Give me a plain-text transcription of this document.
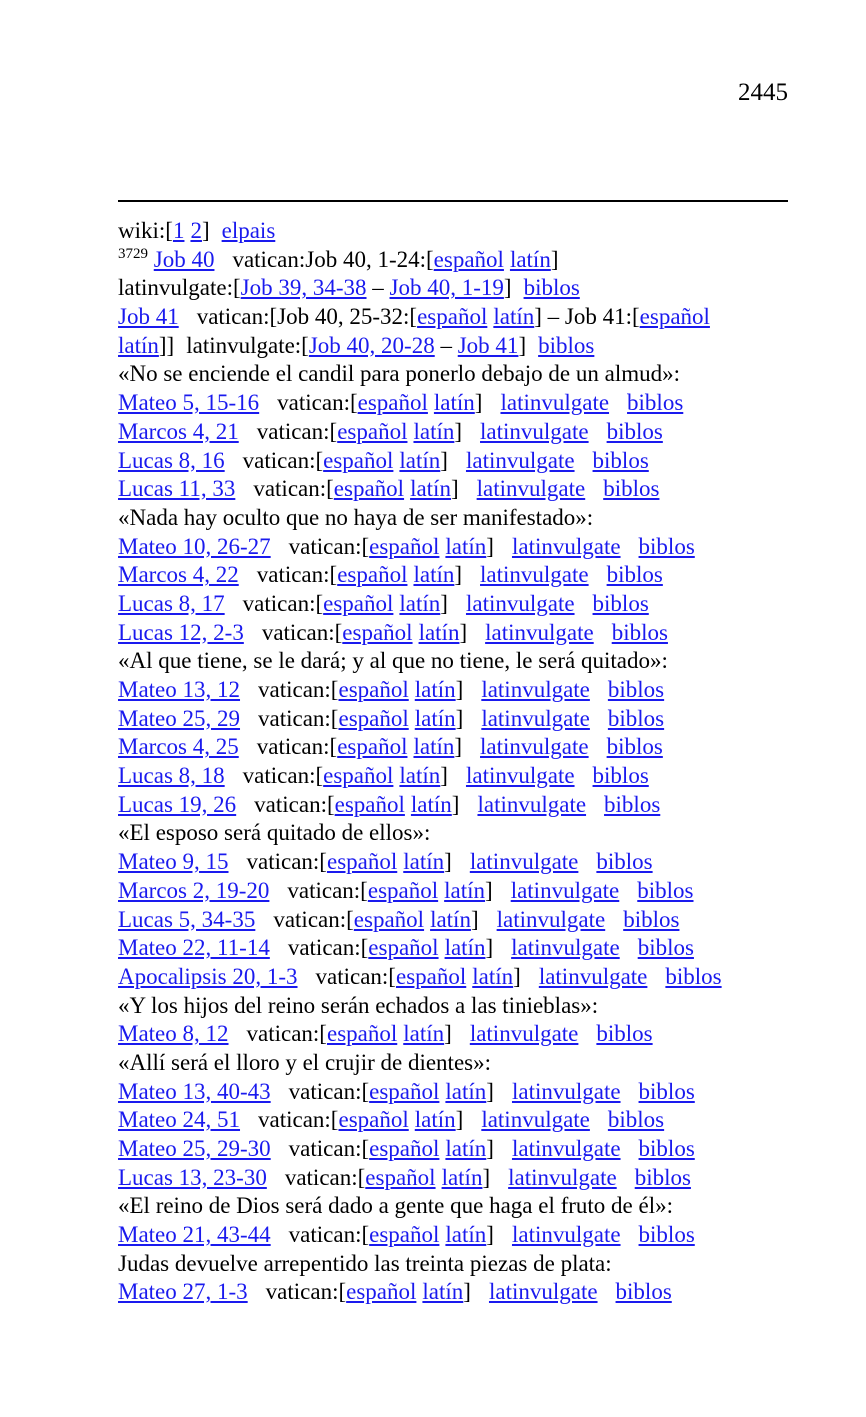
2445
wiki:[1 2] elpais
$^{3729}$ Job 40 vatican:Job 40, 1-24:[español latín]
latinvulgate:[Job 39, 34-38 – Job 40, 1-19] biblos
Job 41 vatican:[Job 40, 25-32:[español latín] – Job 41:[español
latín]] latinvulgate:[Job 40, 20-28 – Job 41] biblos
«No se enciende el candil para ponerlo debajo de un almud»:
Mateo 5, 15-16 vatican:[español latín] latinvulgate biblos
Marcos 4, 21 vatican:[español latín] latinvulgate biblos
Lucas 8, 16 vatican:[español latín] latinvulgate biblos
Lucas 11, 33 vatican:[español latín] latinvulgate biblos
«Nada hay oculto que no haya de ser manifestado»:
Mateo 10, 26-27 vatican:[español latín] latinvulgate biblos
Marcos 4, 22 vatican:[español latín] latinvulgate biblos
Lucas 8, 17 vatican:[español latín] latinvulgate biblos
Lucas 12, 2-3 vatican:[español latín] latinvulgate biblos
«Al que tiene, se le dará; y al que no tiene, le será quitado»:
Mateo 13, 12 vatican:[español latín] latinvulgate biblos
Mateo 25, 29 vatican:[español latín] latinvulgate biblos
Marcos 4, 25 vatican:[español latín] latinvulgate biblos
Lucas 8, 18 vatican:[español latín] latinvulgate biblos
Lucas 19, 26 vatican:[español latín] latinvulgate biblos
«El esposo será quitado de ellos»:
Mateo 9, 15 vatican:[español latín] latinvulgate biblos
Marcos 2, 19-20 vatican:[español latín] latinvulgate biblos
Lucas 5, 34-35 vatican:[español latín] latinvulgate biblos
Mateo 22, 11-14 vatican:[español latín] latinvulgate biblos
Apocalipsis 20, 1-3 vatican:[español latín] latinvulgate biblos
«Y los hijos del reino serán echados a las tinieblas»:
Mateo 8, 12 vatican:[español latín] latinvulgate biblos
«Allí será el lloro y el crujir de dientes»:
Mateo 13, 40-43 vatican:[español latín] latinvulgate biblos
Mateo 24, 51 vatican:[español latín] latinvulgate biblos
Mateo 25, 29-30 vatican:[español latín] latinvulgate biblos
Lucas 13, 23-30 vatican:[español latín] latinvulgate biblos
«El reino de Dios será dado a gente que haga el fruto de él»:
Mateo 21, 43-44 vatican:[español latín] latinvulgate biblos
Judas devuelve arrepentido las treinta piezas de plata:
Mateo 27, 1-3 vatican:[español latín] latinvulgate biblos
